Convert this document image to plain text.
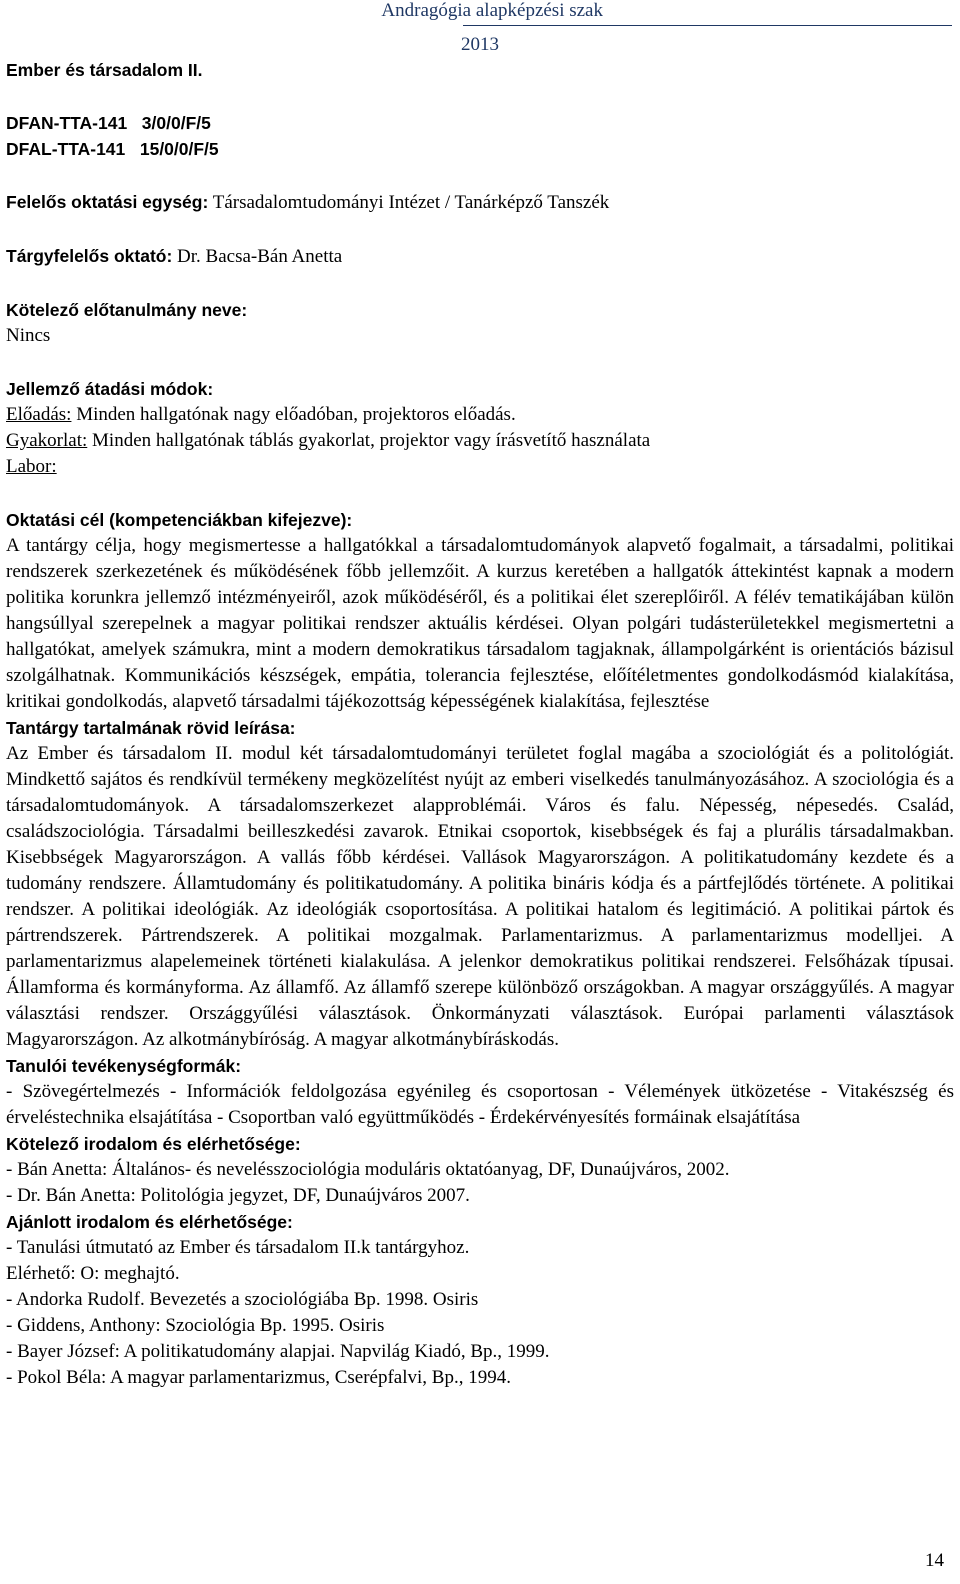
Andragógia alapképzési szak
2013
Ember és társadalom II.
DFAN-TTA-141   3/0/0/F/5
DFAL-TTA-141   15/0/0/F/5
Felelős oktatási egység: Társadalomtudományi Intézet / Tanárképző Tanszék
Tárgyfelelős oktató: Dr. Bacsa-Bán Anetta
Kötelező előtanulmány neve:
Nincs
Jellemző átadási módok:
Előadás: Minden hallgatónak nagy előadóban, projektoros előadás.
Gyakorlat: Minden hallgatónak táblás gyakorlat, projektor vagy írásvetítő használata
Labor:
Oktatási cél (kompetenciákban kifejezve):

A tantárgy célja, hogy megismertesse a hallgatókkal a társadalomtudományok alapvető fogalmait, a társadalmi, politikai rendszerek szerkezetének és működésének főbb jellemzőit. A kurzus keretében a hallgatók áttekintést kapnak a modern politika korunkra jellemző intézményeiről, azok működéséről, és a politikai élet szereplőiről. A félév tematikájában külön hangsúllyal szerepelnek a magyar politikai rendszer aktuális kérdései. Olyan polgári tudásterületekkel megismertetni a hallgatókat, amelyek számukra, mint a modern demokratikus társadalom tagjaknak, állampolgárként is orientációs bázisul szolgálhatnak. Kommunikációs készségek, empátia, tolerancia fejlesztése, előítéletmentes gondolkodásmód kialakítása, kritikai gondolkodás, alapvető társadalmi tájékozottság képességének kialakítása, fejlesztése

Tantárgy tartalmának rövid leírása:

Az Ember és társadalom II. modul két társadalomtudományi területet foglal magába a szociológiát és a politológiát. Mindkettő sajátos és rendkívül termékeny megközelítést nyújt az emberi viselkedés tanulmányozásához. A szociológia és a társadalomtudományok. A társadalomszerkezet alapproblémái. Város és falu. Népesség, népesedés. Család, családszociológia. Társadalmi beilleszkedési zavarok. Etnikai csoportok, kisebbségek és faj a plurális társadalmakban. Kisebbségek Magyarországon. A vallás főbb kérdései. Vallások Magyarországon. A politikatudomány kezdete és a tudomány rendszere. Államtudomány és politikatudomány. A politika bináris kódja és a pártfejlődés története. A politikai rendszer. A politikai ideológiák. Az ideológiák csoportosítása. A politikai hatalom és legitimáció. A politikai pártok és pártrendszerek. Pártrendszerek. A politikai mozgalmak. Parlamentarizmus. A parlamentarizmus modelljei. A parlamentarizmus alapelemeinek történeti kialakulása. A jelenkor demokratikus politikai rendszerei. Felsőházak típusai. Államforma és kormányforma. Az államfő. Az államfő szerepe különböző országokban. A magyar országgyűlés. A magyar választási rendszer. Országgyűlési választások. Önkormányzati választások. Európai parlamenti választások Magyarországon. Az alkotmánybíróság. A magyar alkotmánybíráskodás.

Tanulói tevékenységformák:

- Szövegértelmezés - Információk feldolgozása egyénileg és csoportosan - Vélemények ütközetése - Vitakészség és érveléstechnika elsajátítása - Csoportban való együttműködés - Érdekérvényesítés formáinak elsajátítása

Kötelező irodalom és elérhetősége:
- Bán Anetta: Általános- és nevelésszociológia moduláris oktatóanyag, DF, Dunaújváros, 2002.
- Dr. Bán Anetta: Politológia jegyzet, DF, Dunaújváros 2007.
Ajánlott irodalom és elérhetősége:
- Tanulási útmutató az Ember és társadalom II.k tantárgyhoz.
Elérhető: O: meghajtó.
- Andorka Rudolf. Bevezetés a szociológiába Bp. 1998. Osiris
- Giddens, Anthony: Szociológia Bp. 1995. Osiris
- Bayer József: A politikatudomány alapjai. Napvilág Kiadó, Bp., 1999.
- Pokol Béla: A magyar parlamentarizmus, Cserépfalvi, Bp., 1994.
14
